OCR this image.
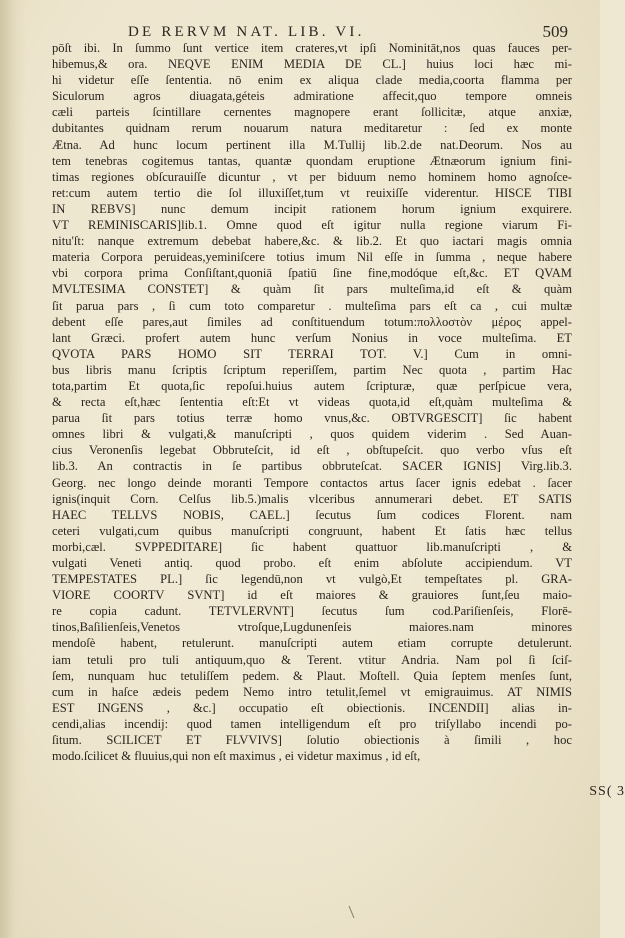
DE RERVM NAT. LIB. VI.	509
pōſt ibi. In ſummo ſunt vertice item crateres,vt ipſi Nominitāt,nos quas fauces per-
hibemus,& ora. NEQVE ENIM MEDIA DE CL.] huius loci hæc mi-
hi videtur eſſe ſententia. nō enim ex aliqua clade media,coorta flamma per
Siculorum agros diuagata,géteis admiratione affecit,quo tempore omneis
cæli parteis ſcintillare cernentes magnopere erant ſollicitæ, atque anxiæ,
dubitantes quidnam rerum nouarum natura meditaretur : ſed ex monte
Ætna. Ad hunc locum pertinent illa M.Tullij lib.2.de nat.Deorum. Nos au
tem tenebras cogitemus tantas, quantæ quondam eruptione Ætnæorum ignium fini-
timas regiones obſcurauiſſe dicuntur , vt per biduum nemo hominem homo agnoſce-
ret:cum autem tertio die ſol illuxiſſet,tum vt reuixiſſe viderentur. HISCE TIBI
IN REBVS] nunc demum incipit rationem horum ignium exquirere.
VT REMINISCARIS]lib.1. Omne quod eſt igitur nulla regione viarum Fi-
nitu'ſt: nanque extremum debebat habere,&c. & lib.2. Et quo iactari magis omnia
materia Corpora peruideas,yeminiſcere totius imum Nil eſſe in ſumma , neque habere
vbi corpora prima Conſiſtant,quoniā ſpatiū ſine fine,modóque eſt,&c. ET QVAM
MVLTESIMA CONSTET] & quàm ſit pars multeſima,id eſt & quàm
ſit parua pars , ſi cum toto comparetur . multeſima pars eſt ca , cui multæ
debent eſſe pares,aut ſimiles ad conſtituendum totum:πολλοστὸν μέρος appel-
lant Græci. profert autem hunc verſum Nonius in voce multeſima. ET
QVOTA PARS HOMO SIT TERRAI TOT. V.] Cum in omni-
bus libris manu ſcriptis ſcriptum reperiſſem, partim Nec quota , partim Hac
tota,partim Et quota,ſic repoſui.huius autem ſcripturæ, quæ perſpicue vera,
& recta eſt,hæc ſententia eſt:Et vt videas quota,id eſt,quàm multeſima &
parua ſit pars totius terræ homo vnus,&c. OBTVRGESCIT] ſic habent
omnes libri & vulgati,& manuſcripti , quos quidem viderim . Sed Auan-
cius Veronenſis legebat Obbruteſcit, id eſt , obſtupeſcit. quo verbo vſus eſt
lib.3. An contractis in ſe partibus obbruteſcat. SACER IGNIS] Virg.lib.3.
Georg. nec longo deinde moranti Tempore contactos artus ſacer ignis edebat . ſacer
ignis(inquit Corn. Celſus lib.5.)malis vlceribus annumerari debet. ET SATIS
HAEC TELLVS NOBIS, CAEL.] ſecutus ſum codices Florent. nam
ceteri vulgati,cum quibus manuſcripti congruunt, habent Et ſatis hæc tellus
morbi,cæl. SVPPEDITARE] ſic habent quattuor lib.manuſcripti , &
vulgati Veneti antiq. quod probo. eſt enim abſolute accipiendum. VT
TEMPESTATES PL.] ſic legendū,non vt vulgò,Et tempeſtates pl. GRA-
VIORE COORTV SVNT] id eſt maiores & grauiores ſunt,ſeu maio-
re copia cadunt. TETVLERVNT] ſecutus ſum cod.Pariſienſeis, Florē-
tinos,Baſilienſeis,Venetos vtroſque,Lugdunenſeis maiores.nam minores
mendoſè habent, retulerunt. manuſcripti autem etiam corrupte detulerunt.
iam tetuli pro tuli antiquum,quo & Terent. vtitur Andria. Nam pol ſi ſciſ-
ſem, nunquam huc tetuliſſem pedem. & Plaut. Moſtell. Quia ſeptem menſes ſunt,
cum in haſce ædeis pedem Nemo intro tetulit,ſemel vt emigrauimus. AT NIMIS
EST INGENS , &c.] occupatio eſt obiectionis. INCENDII] alias in-
cendi,alias incendij: quod tamen intelligendum eſt pro triſyllabo incendi po-
ſitum. SCILICET ET FLVVIVS] ſolutio obiectionis à ſimili , hoc
modo.ſcilicet & fluuius,qui non eſt maximus , ei videtur maximus , id eſt,
SS( 3
